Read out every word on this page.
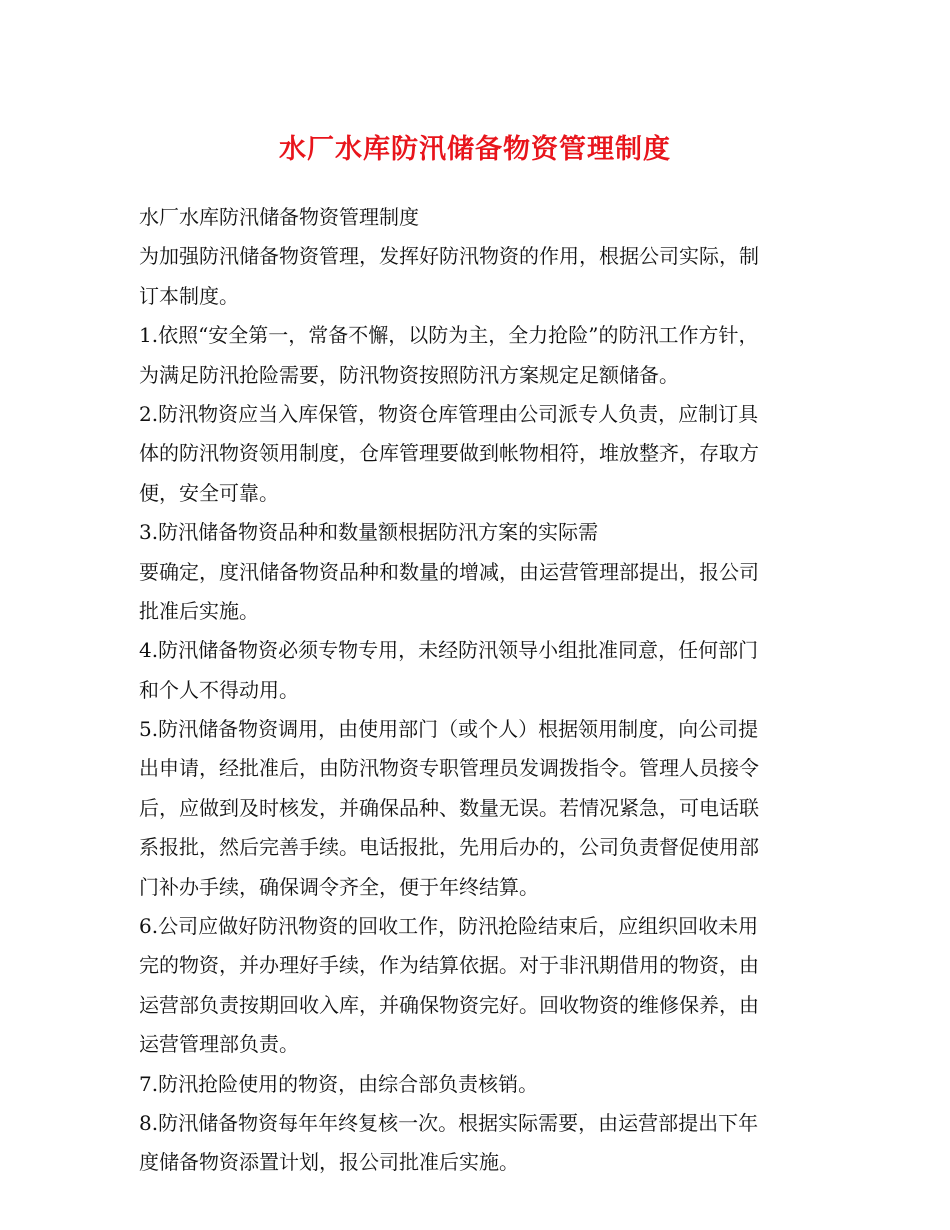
水厂水库防汛储备物资管理制度
水厂水库防汛储备物资管理制度
为加强防汛储备物资管理，发挥好防汛物资的作用，根据公司实际，制
订本制度。
1.依照“安全第一，常备不懈，以防为主，全力抢险”的防汛工作方针，
为满足防汛抢险需要，防汛物资按照防汛方案规定足额储备。
2.防汛物资应当入库保管，物资仓库管理由公司派专人负责，应制订具
体的防汛物资领用制度，仓库管理要做到帐物相符，堆放整齐，存取方
便，安全可靠。
3.防汛储备物资品种和数量额根据防汛方案的实际需
要确定，度汛储备物资品种和数量的增减，由运营管理部提出，报公司
批准后实施。
4.防汛储备物资必须专物专用，未经防汛领导小组批准同意，任何部门
和个人不得动用。
5.防汛储备物资调用，由使用部门（或个人）根据领用制度，向公司提
出申请，经批准后，由防汛物资专职管理员发调拨指令。管理人员接令
后，应做到及时核发，并确保品种、数量无误。若情况紧急，可电话联
系报批，然后完善手续。电话报批，先用后办的，公司负责督促使用部
门补办手续，确保调令齐全，便于年终结算。
6.公司应做好防汛物资的回收工作，防汛抢险结束后，应组织回收未用
完的物资，并办理好手续，作为结算依据。对于非汛期借用的物资，由
运营部负责按期回收入库，并确保物资完好。回收物资的维修保养，由
运营管理部负责。
7.防汛抢险使用的物资，由综合部负责核销。
8.防汛储备物资每年年终复核一次。根据实际需要，由运营部提出下年
度储备物资添置计划，报公司批准后实施。
